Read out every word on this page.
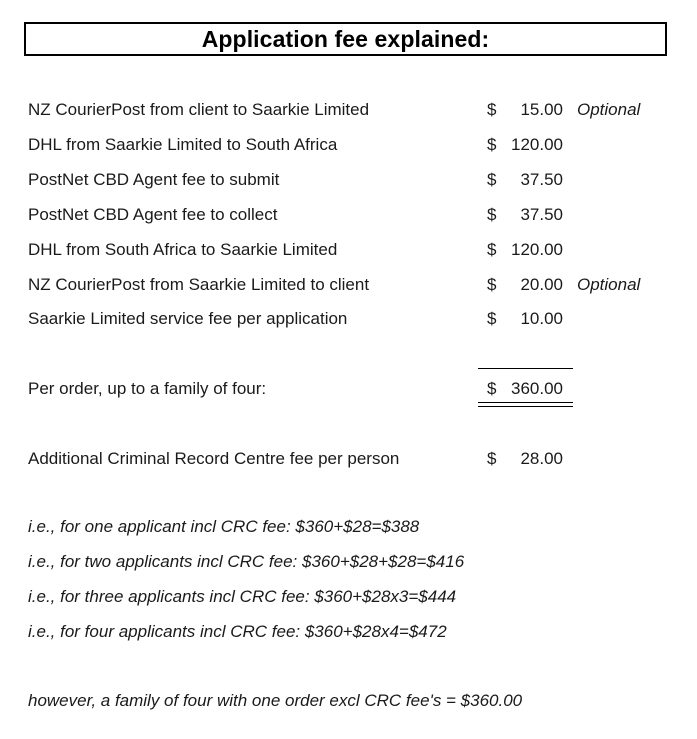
Application fee explained:
NZ CourierPost from client to Saarkie Limited	$ 15.00 Optional
DHL from Saarkie Limited to South Africa	$ 120.00
PostNet CBD Agent fee to submit	$ 37.50
PostNet CBD Agent fee to collect	$ 37.50
DHL from South Africa to Saarkie Limited	$ 120.00
NZ CourierPost from Saarkie Limited to client	$ 20.00 Optional
Saarkie Limited service fee per application	$ 10.00
Per order, up to a family of four:	$ 360.00
Additional Criminal Record Centre fee per person	$ 28.00
i.e., for one applicant incl CRC fee: $360+$28=$388
i.e., for two applicants incl CRC fee: $360+$28+$28=$416
i.e., for three applicants incl CRC fee: $360+$28x3=$444
i.e., for four applicants incl CRC fee: $360+$28x4=$472
however, a family of four with one order excl CRC fee's = $360.00
